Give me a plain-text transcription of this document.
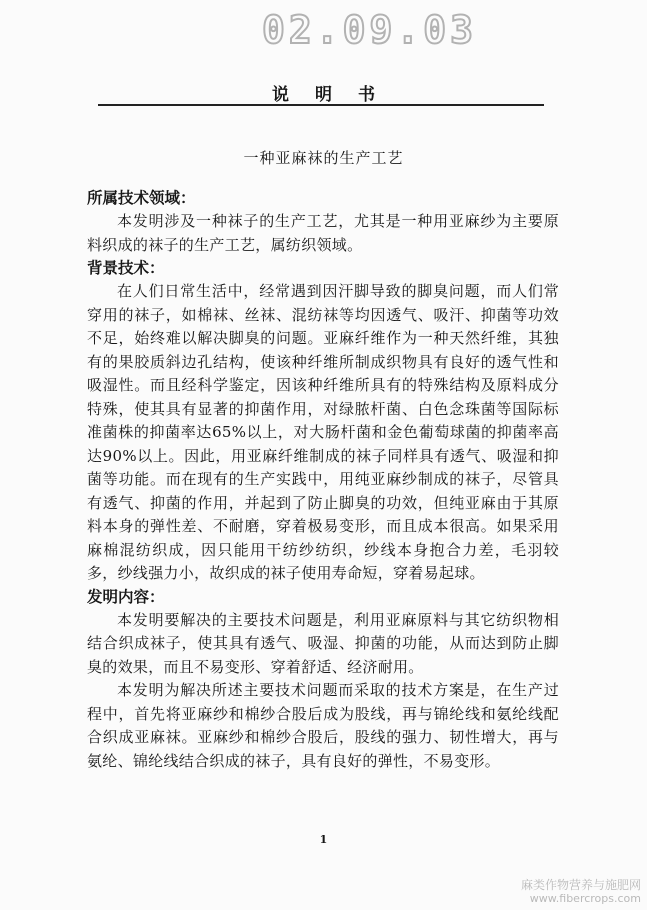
02.09.03
说明书
一种亚麻袜的生产工艺

所属技术领域：

本发明涉及一种袜子的生产工艺，尤其是一种用亚麻纱为主要原料织成的袜子的生产工艺，属纺织领域。

背景技术：

在人们日常生活中，经常遇到因汗脚导致的脚臭问题，而人们常穿用的袜子，如棉袜、丝袜、混纺袜等均因透气、吸汗、抑菌等功效不足，始终难以解决脚臭的问题。亚麻纤维作为一种天然纤维，其独有的果胶质斜边孔结构，使该种纤维所制成织物具有良好的透气性和吸湿性。而且经科学鉴定，因该种纤维所具有的特殊结构及原料成分特殊，使其具有显著的抑菌作用，对绿脓杆菌、白色念珠菌等国际标准菌株的抑菌率达65%以上，对大肠杆菌和金色葡萄球菌的抑菌率高达90%以上。因此，用亚麻纤维制成的袜子同样具有透气、吸湿和抑菌等功能。而在现有的生产实践中，用纯亚麻纱制成的袜子，尽管具有透气、抑菌的作用，并起到了防止脚臭的功效，但纯亚麻由于其原料本身的弹性差、不耐磨，穿着极易变形，而且成本很高。如果采用麻棉混纺织成，因只能用干纺纱纺织，纱线本身抱合力差，毛羽较多，纱线强力小，故织成的袜子使用寿命短，穿着易起球。

发明内容：

本发明要解决的主要技术问题是，利用亚麻原料与其它纺织物相结合织成袜子，使其具有透气、吸湿、抑菌的功能，从而达到防止脚臭的效果，而且不易变形、穿着舒适、经济耐用。

本发明为解决所述主要技术问题而采取的技术方案是，在生产过程中，首先将亚麻纱和棉纱合股后成为股线，再与锦纶线和氨纶线配合织成亚麻袜。亚麻纱和棉纱合股后，股线的强力、韧性增大，再与氨纶、锦纶线结合织成的袜子，具有良好的弹性，不易变形。

1
麻类作物营养与施肥网
www.fibercrops.com
